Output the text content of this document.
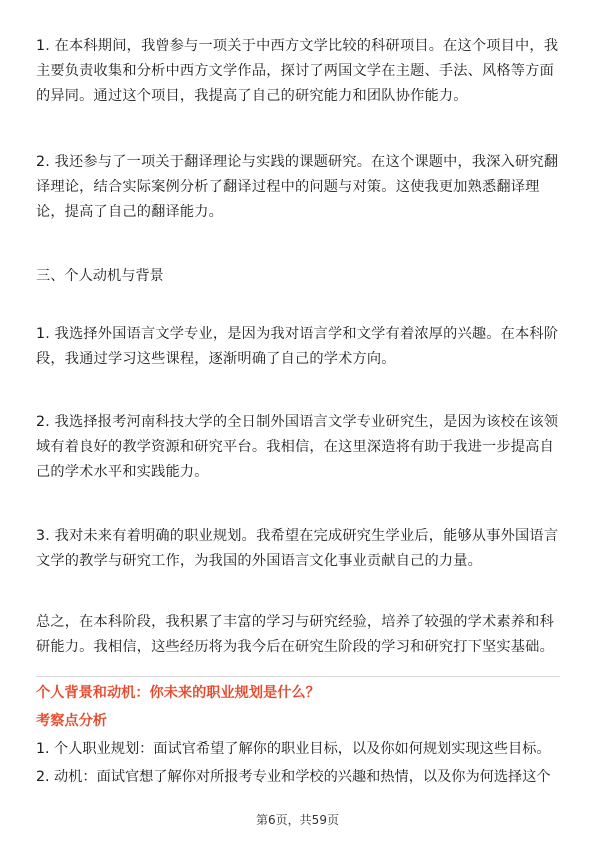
1. 在本科期间，我曾参与一项关于中西方文学比较的科研项目。在这个项目中，我主要负责收集和分析中西方文学作品，探讨了两国文学在主题、手法、风格等方面的异同。通过这个项目，我提高了自己的研究能力和团队协作能力。

2. 我还参与了一项关于翻译理论与实践的课题研究。在这个课题中，我深入研究翻译理论，结合实际案例分析了翻译过程中的问题与对策。这使我更加熟悉翻译理论，提高了自己的翻译能力。

三、个人动机与背景

1. 我选择外国语言文学专业，是因为我对语言学和文学有着浓厚的兴趣。在本科阶段，我通过学习这些课程，逐渐明确了自己的学术方向。

2. 我选择报考河南科技大学的全日制外国语言文学专业研究生，是因为该校在该领域有着良好的教学资源和研究平台。我相信，在这里深造将有助于我进一步提高自己的学术水平和实践能力。

3. 我对未来有着明确的职业规划。我希望在完成研究生学业后，能够从事外国语言文学的教学与研究工作，为我国的外国语言文化事业贡献自己的力量。

总之，在本科阶段，我积累了丰富的学习与研究经验，培养了较强的学术素养和科研能力。我相信，这些经历将为我今后在研究生阶段的学习和研究打下坚实基础。

个人背景和动机：你未来的职业规划是什么？

考察点分析

1. 个人职业规划：面试官希望了解你的职业目标，以及你如何规划实现这些目标。

2. 动机：面试官想了解你对所报考专业和学校的兴趣和热情，以及你为何选择这个

第6页，共59页
